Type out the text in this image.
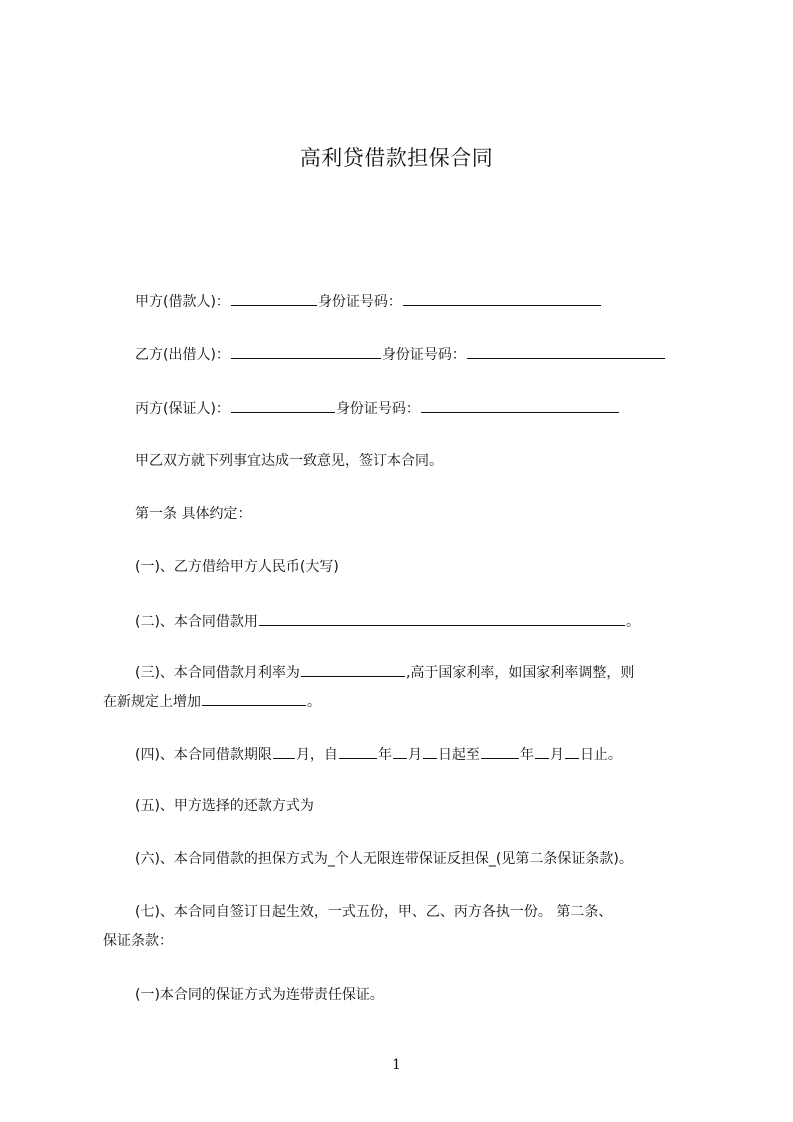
高利贷借款担保合同
甲方(借款人)：	身份证号码：
乙方(出借人)：	身份证号码：
丙方(保证人)：	身份证号码：
甲乙双方就下列事宜达成一致意见，签订本合同。
第一条 具体约定：
(一)、乙方借给甲方人民币(大写)
(二)、本合同借款用	。
(三)、本合同借款月利率为	,高于国家利率，如国家利率调整，则
在新规定上增加	。
(四)、本合同借款期限 月，自	年 月 日起至	年 月 日止。
(五)、甲方选择的还款方式为
(六)、本合同借款的担保方式为_个人无限连带保证反担保_(见第二条保证条款)。
(七)、本合同自签订日起生效，一式五份，甲、乙、丙方各执一份。 第二条、
保证条款：
(一)本合同的保证方式为连带责任保证。
1
